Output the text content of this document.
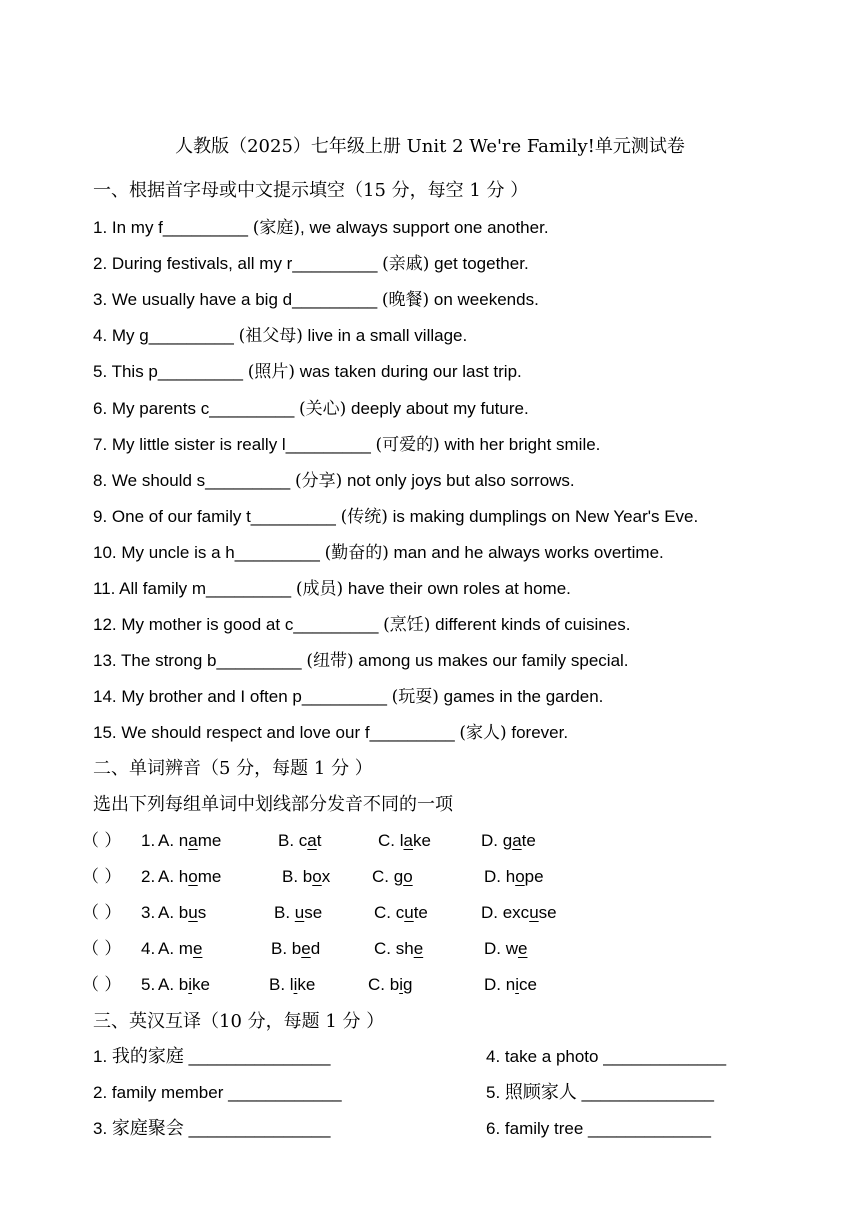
人教版（2025）七年级上册 Unit 2 We're Family!单元测试卷
一、根据首字母或中文提示填空（15 分，每空 1 分 ）
1. In my f_________ (家庭), we always support one another.
2. During festivals, all my r_________ (亲戚) get together.
3. We usually have a big d_________ (晚餐) on weekends.
4. My g_________ (祖父母) live in a small village.
5. This p_________ (照片) was taken during our last trip.
6. My parents c_________ (关心) deeply about my future.
7. My little sister is really l_________ (可爱的) with her bright smile.
8. We should s_________ (分享) not only joys but also sorrows.
9. One of our family t_________ (传统) is making dumplings on New Year's Eve.
10. My uncle is a h_________ (勤奋的) man and he always works overtime.
11. All family m_________ (成员) have their own roles at home.
12. My mother is good at c_________ (烹饪) different kinds of cuisines.
13. The strong b_________ (纽带) among us makes our family special.
14. My brother and I often p_________ (玩耍) games in the garden.
15. We should respect and love our f_________ (家人) forever.
二、单词辨音（5 分，每题 1 分 ）
选出下列每组单词中划线部分发音不同的一项
（ ） 1. A. name	B. cat	C. lake	D. gate
（ ） 2. A. home	B. box C. go	D. hope
（ ） 3. A. bus	B. use	C. cute	D. excuse
（ ） 4. A. me	B. bed	C. she	D. we
（ ） 5. A. bike	B. like	C. big	D. nice
三、英汉互译（10 分，每题 1 分 ）
1. 我的家庭 _______________
2. family member ____________
3. 家庭聚会 _______________
4. take a photo _____________
5. 照顾家人 ______________
6. family tree _____________
